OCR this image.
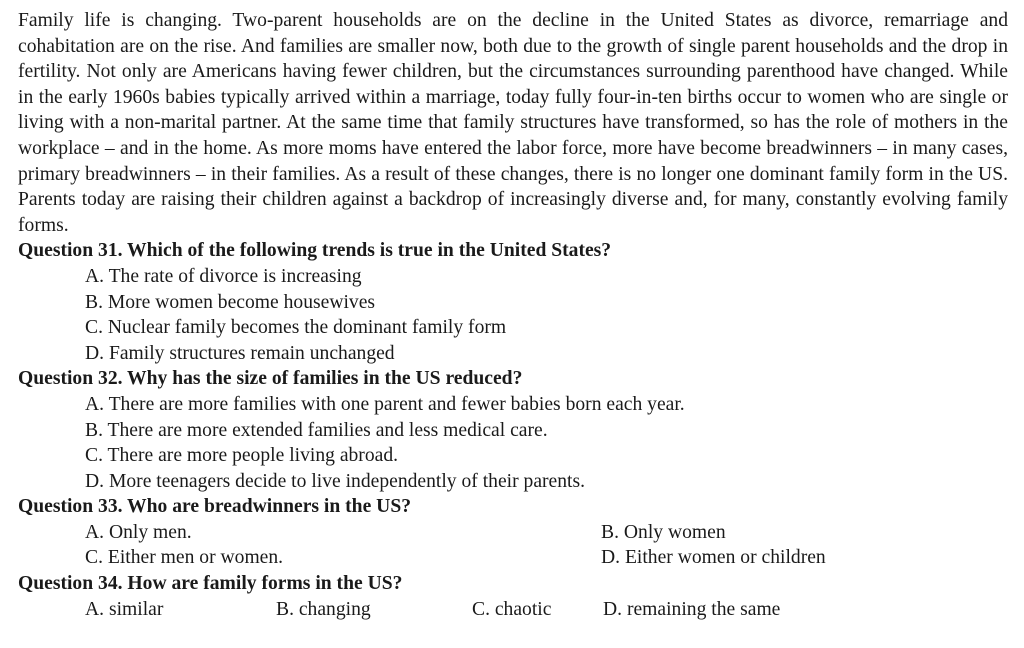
Family life is changing. Two-parent households are on the decline in the United States as divorce, remarriage and cohabitation are on the rise. And families are smaller now, both due to the growth of single parent households and the drop in fertility. Not only are Americans having fewer children, but the circumstances surrounding parenthood have changed. While in the early 1960s babies typically arrived within a marriage, today fully four-in-ten births occur to women who are single or living with a non-marital partner. At the same time that family structures have transformed, so has the role of mothers in the workplace – and in the home. As more moms have entered the labor force, more have become breadwinners – in many cases, primary breadwinners – in their families. As a result of these changes, there is no longer one dominant family form in the US. Parents today are raising their children against a backdrop of increasingly diverse and, for many, constantly evolving family forms.

Question 31. Which of the following trends is true in the United States?

A. The rate of divorce is increasing
B. More women become housewives
C. Nuclear family becomes the dominant family form
D. Family structures remain unchanged

Question 32. Why has the size of families in the US reduced?

A. There are more families with one parent and fewer babies born each year.
B. There are more extended families and less medical care.
C. There are more people living abroad.
D. More teenagers decide to live independently of their parents.

Question 33. Who are breadwinners in the US?

A. Only men.	B. Only women
C. Either men or women.	D. Either women or children

Question 34. How are family forms in the US?

A. similar	B. changing	C. chaotic	D. remaining the same
